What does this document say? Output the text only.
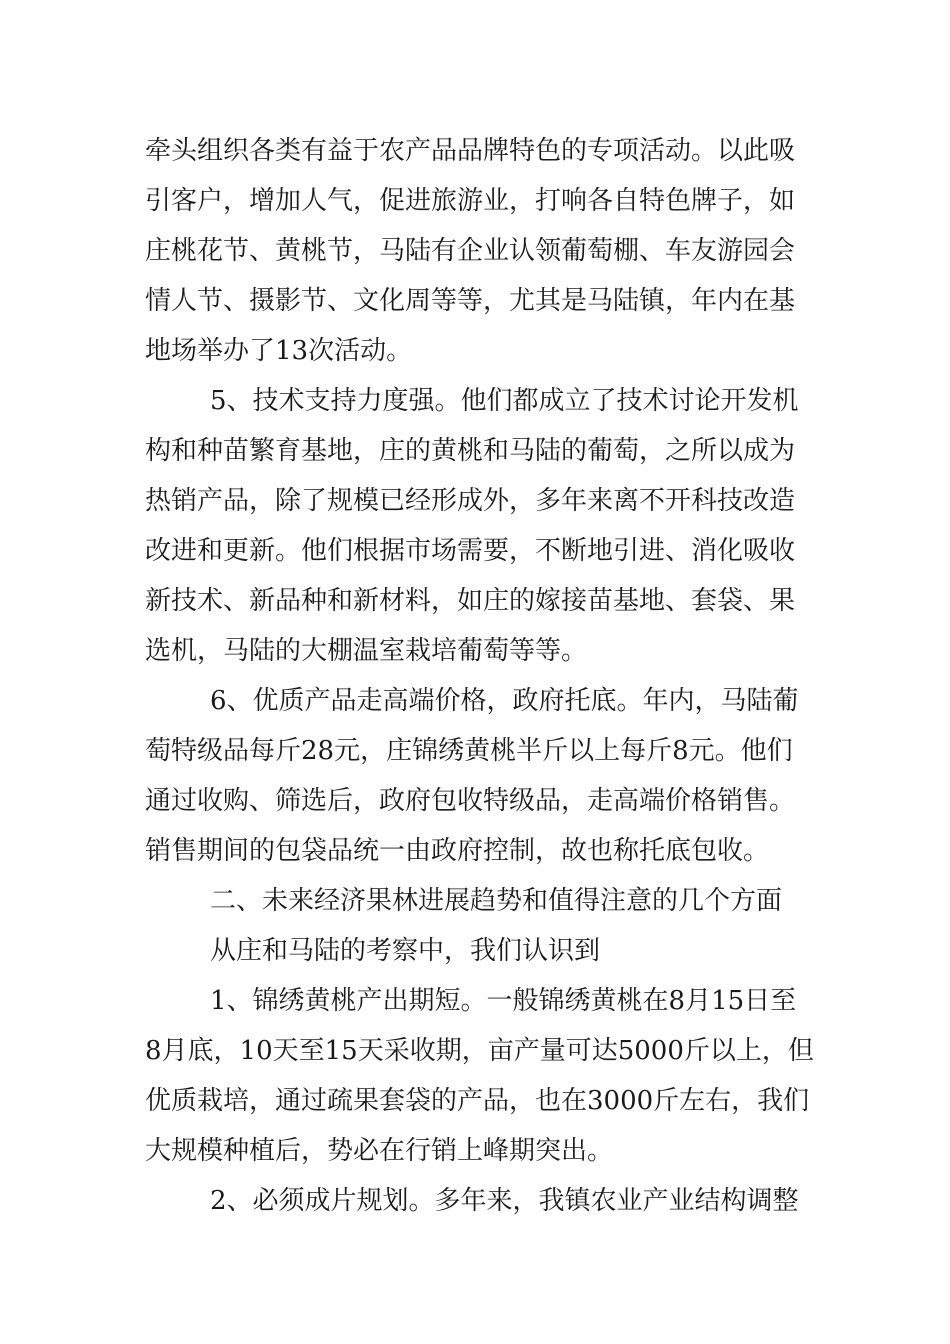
牵头组织各类有益于农产品品牌特色的专项活动。以此吸

引客户，增加人气，促进旅游业，打响各自特色牌子，如

庄桃花节、黄桃节，马陆有企业认领葡萄棚、车友游园会

情人节、摄影节、文化周等等，尤其是马陆镇，年内在基

地场举办了13次活动。

5、技术支持力度强。他们都成立了技术讨论开发机

构和种苗繁育基地，庄的黄桃和马陆的葡萄，之所以成为

热销产品，除了规模已经形成外，多年来离不开科技改造

改进和更新。他们根据市场需要，不断地引进、消化吸收

新技术、新品种和新材料，如庄的嫁接苗基地、套袋、果

选机，马陆的大棚温室栽培葡萄等等。

6、优质产品走高端价格，政府托底。年内，马陆葡

萄特级品每斤28元，庄锦绣黄桃半斤以上每斤8元。他们

通过收购、筛选后，政府包收特级品，走高端价格销售。

销售期间的包袋品统一由政府控制，故也称托底包收。

二、未来经济果林进展趋势和值得注意的几个方面

从庄和马陆的考察中，我们认识到

1、锦绣黄桃产出期短。一般锦绣黄桃在8月15日至

8月底，10天至15天采收期，亩产量可达5000斤以上，但

优质栽培，通过疏果套袋的产品，也在3000斤左右，我们

大规模种植后，势必在行销上峰期突出。

2、必须成片规划。多年来，我镇农业产业结构调整
